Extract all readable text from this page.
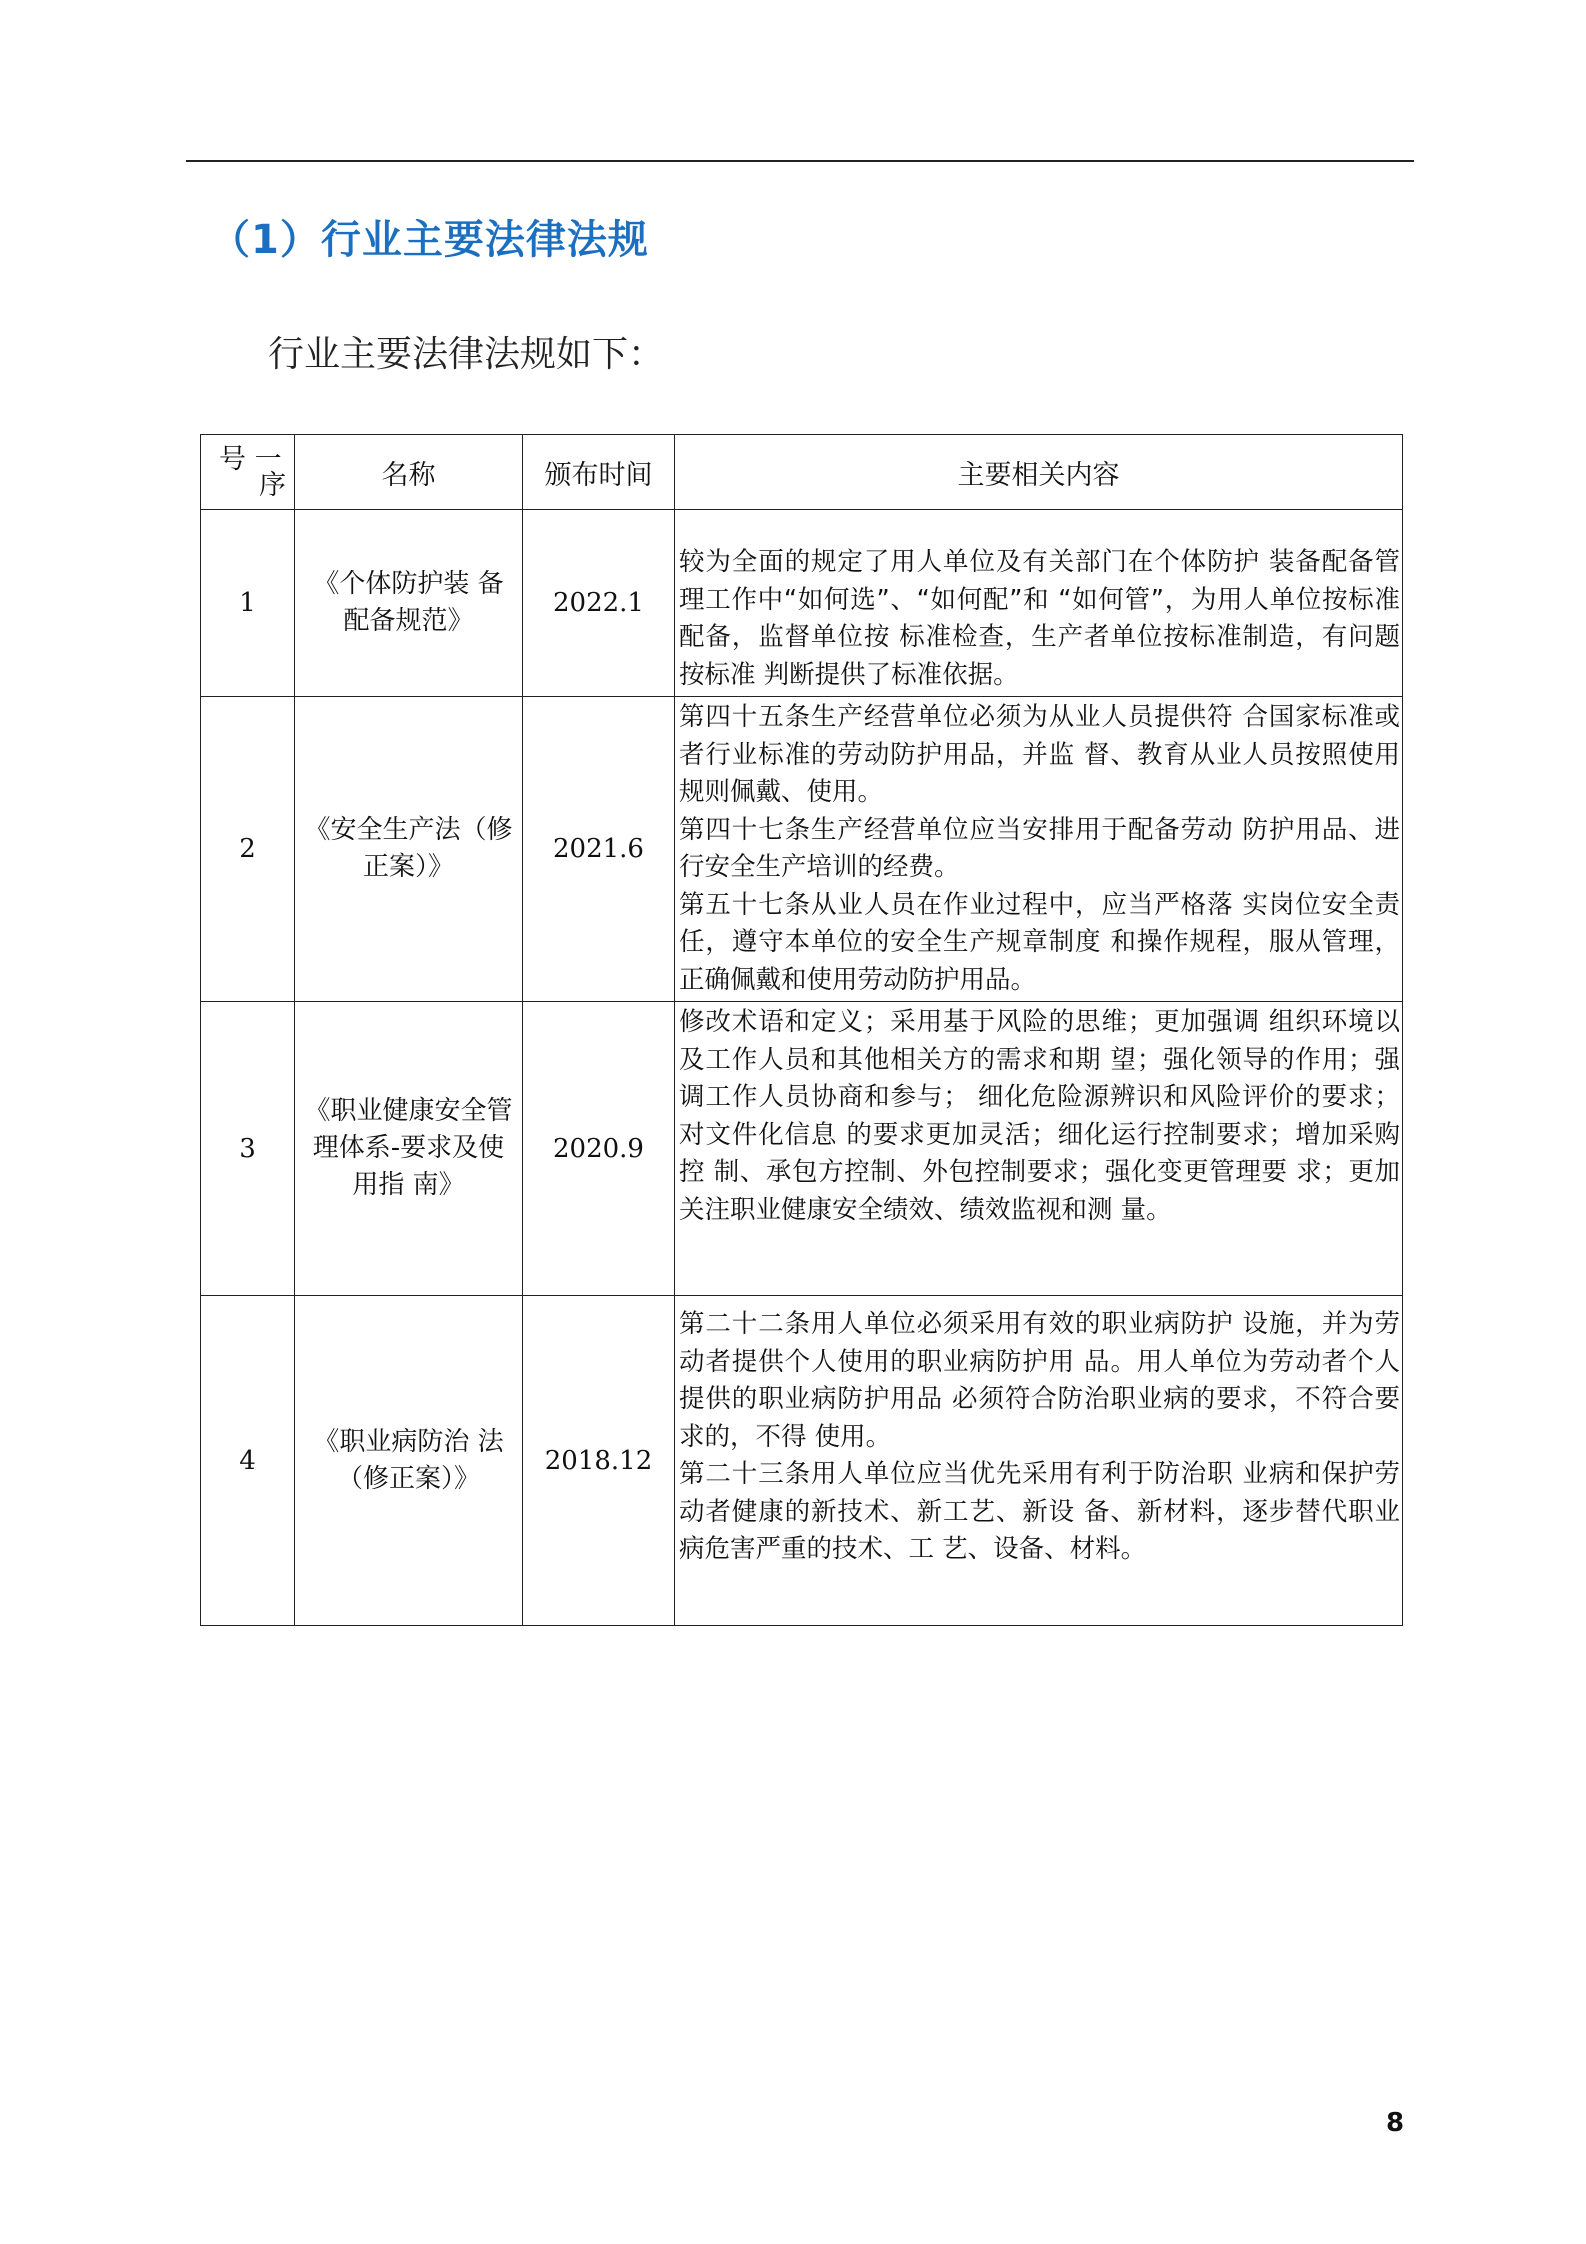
（1）行业主要法律法规

行业主要法律法规如下：

号 一
序	名称	颁布时间	主要相关内容
1	《个体防护装 备配备规范》	2022.1	较为全面的规定了用人单位及有关部门在个体防护 装备配备管理工作中“如何选”、“如何配”和 “如何管”，为用人单位按标准配备，监督单位按 标准检查，生产者单位按标准制造，有问题按标准 判断提供了标准依据。

2	《安全生产法（修正案）》	2021.6	第四十五条生产经营单位必须为从业人员提供符 合国家标准或者行业标准的劳动防护用品，并监 督、教育从业人员按照使用规则佩戴、使用。

第四十七条生产经营单位应当安排用于配备劳动 防护用品、进行安全生产培训的经费。

第五十七条从业人员在作业过程中，应当严格落 实岗位安全责任，遵守本单位的安全生产规章制度 和操作规程，服从管理，正确佩戴和使用劳动防护用品。

3	《职业健康安全管理体系-要求及使用指 南》	2020.9	修改术语和定义；采用基于风险的思维；更加强调 组织环境以及工作人员和其他相关方的需求和期 望；强化领导的作用；强调工作人员协商和参与； 细化危险源辨识和风险评价的要求；对文件化信息 的要求更加灵活；细化运行控制要求；增加采购控 制、承包方控制、外包控制要求；强化变更管理要 求；更加关注职业健康安全绩效、绩效监视和测 量。

4	《职业病防治 法（修正案）》	2018.12	第二十二条用人单位必须采用有效的职业病防护 设施，并为劳动者提供个人使用的职业病防护用 品。用人单位为劳动者个人提供的职业病防护用品 必须符合防治职业病的要求，不符合要求的，不得 使用。

第二十三条用人单位应当优先采用有利于防治职 业病和保护劳动者健康的新技术、新工艺、新设 备、新材料，逐步替代职业病危害严重的技术、工 艺、设备、材料。

8
